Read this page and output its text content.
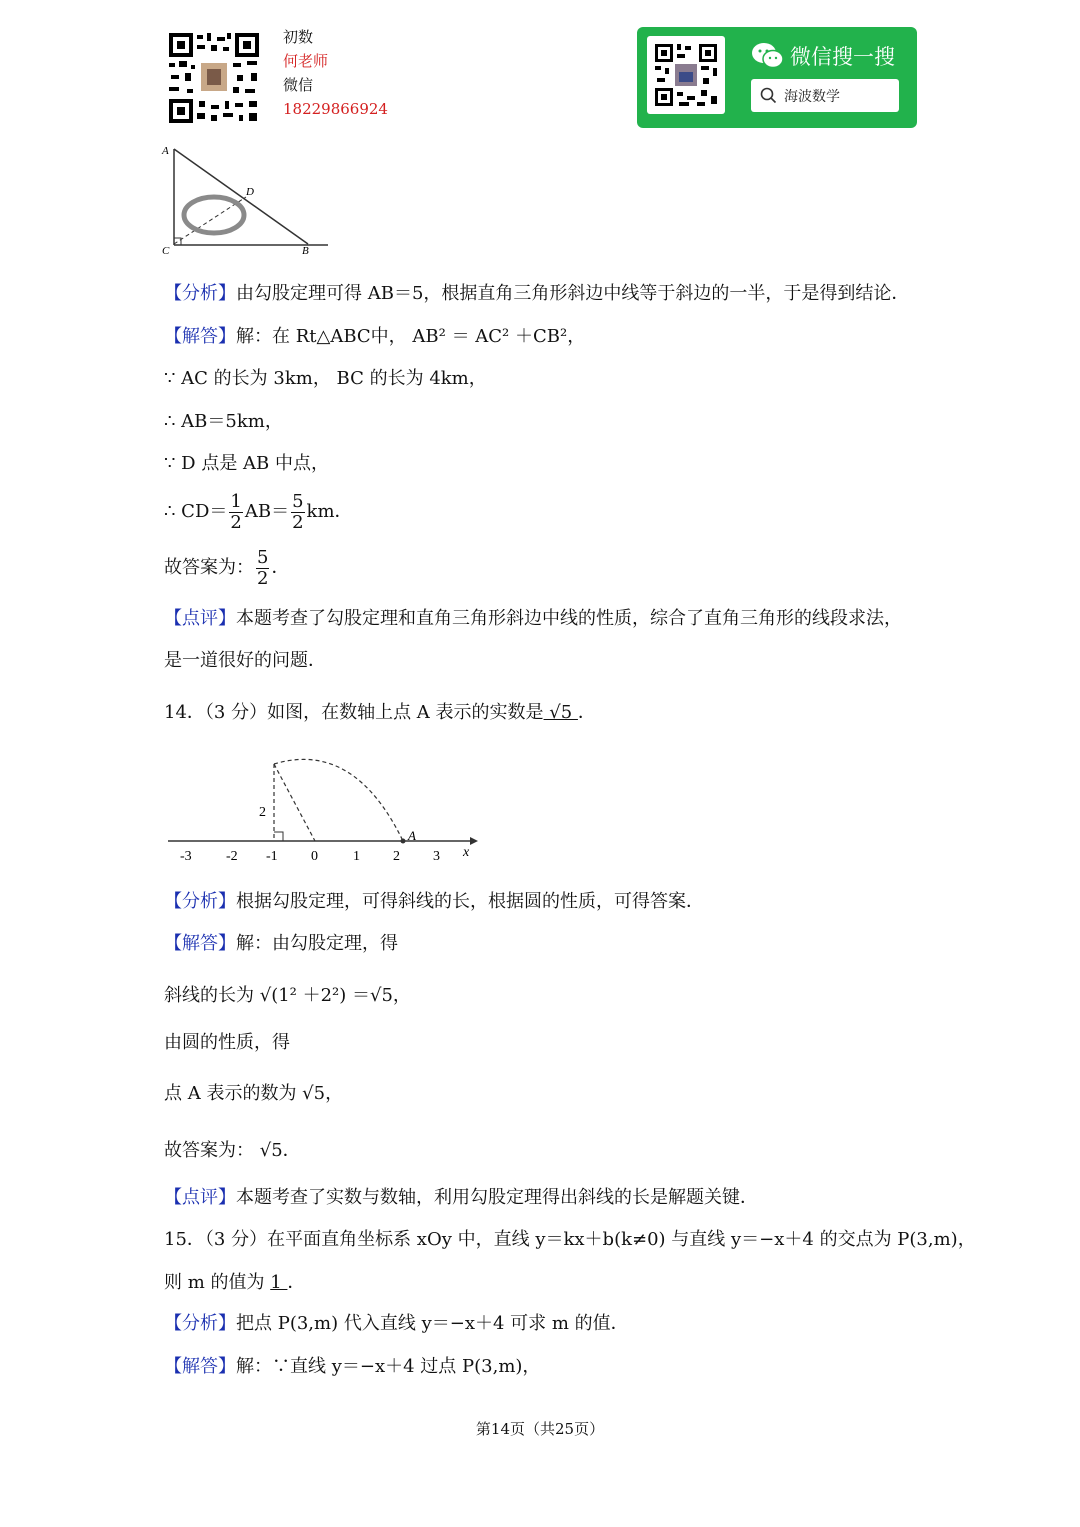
初数
何老师
微信
18229866924
微信搜一搜
海波数学
A
D
C	B
【分析】由勾股定理可得 AB＝5，根据直角三角形斜边中线等于斜边的一半，于是得到结论．
【解答】解：在 Rt△ABC中， AB² ＝ AC² ＋CB²，
∵ AC 的长为 3km， BC 的长为 4km，
∴ AB＝5km，
∵ D 点是 AB 中点，
∴ $CD= \frac{1}{2} AB= \frac{5}{2}$ km．
故答案为： $\frac{5}{2}$ ．
【点评】本题考查了勾股定理和直角三角形斜边中线的性质，综合了直角三角形的线段求法，
是一道很好的问题．
14．（3 分）如图，在数轴上点 A 表示的实数是 √5 ．
2
A
-3 -2 -1 0	1 2 3 x
【分析】根据勾股定理，可得斜线的长，根据圆的性质，可得答案．
【解答】解：由勾股定理，得
斜线的长为 √(1² ＋2²) ＝√5，
由圆的性质，得
点 A 表示的数为 √5，
故答案为： √5．
【点评】本题考查了实数与数轴，利用勾股定理得出斜线的长是解题关键．
15．（3 分）在平面直角坐标系 xOy 中，直线 y＝kx＋b(k≠0) 与直线 y＝−x＋4 的交点为 P(3,m)，
则 m 的值为 1 ．
【分析】把点 P(3,m) 代入直线 y＝−x＋4 可求 m 的值．
【解答】解：∵直线 y＝−x＋4 过点 P(3,m)，
第14页（共25页）
